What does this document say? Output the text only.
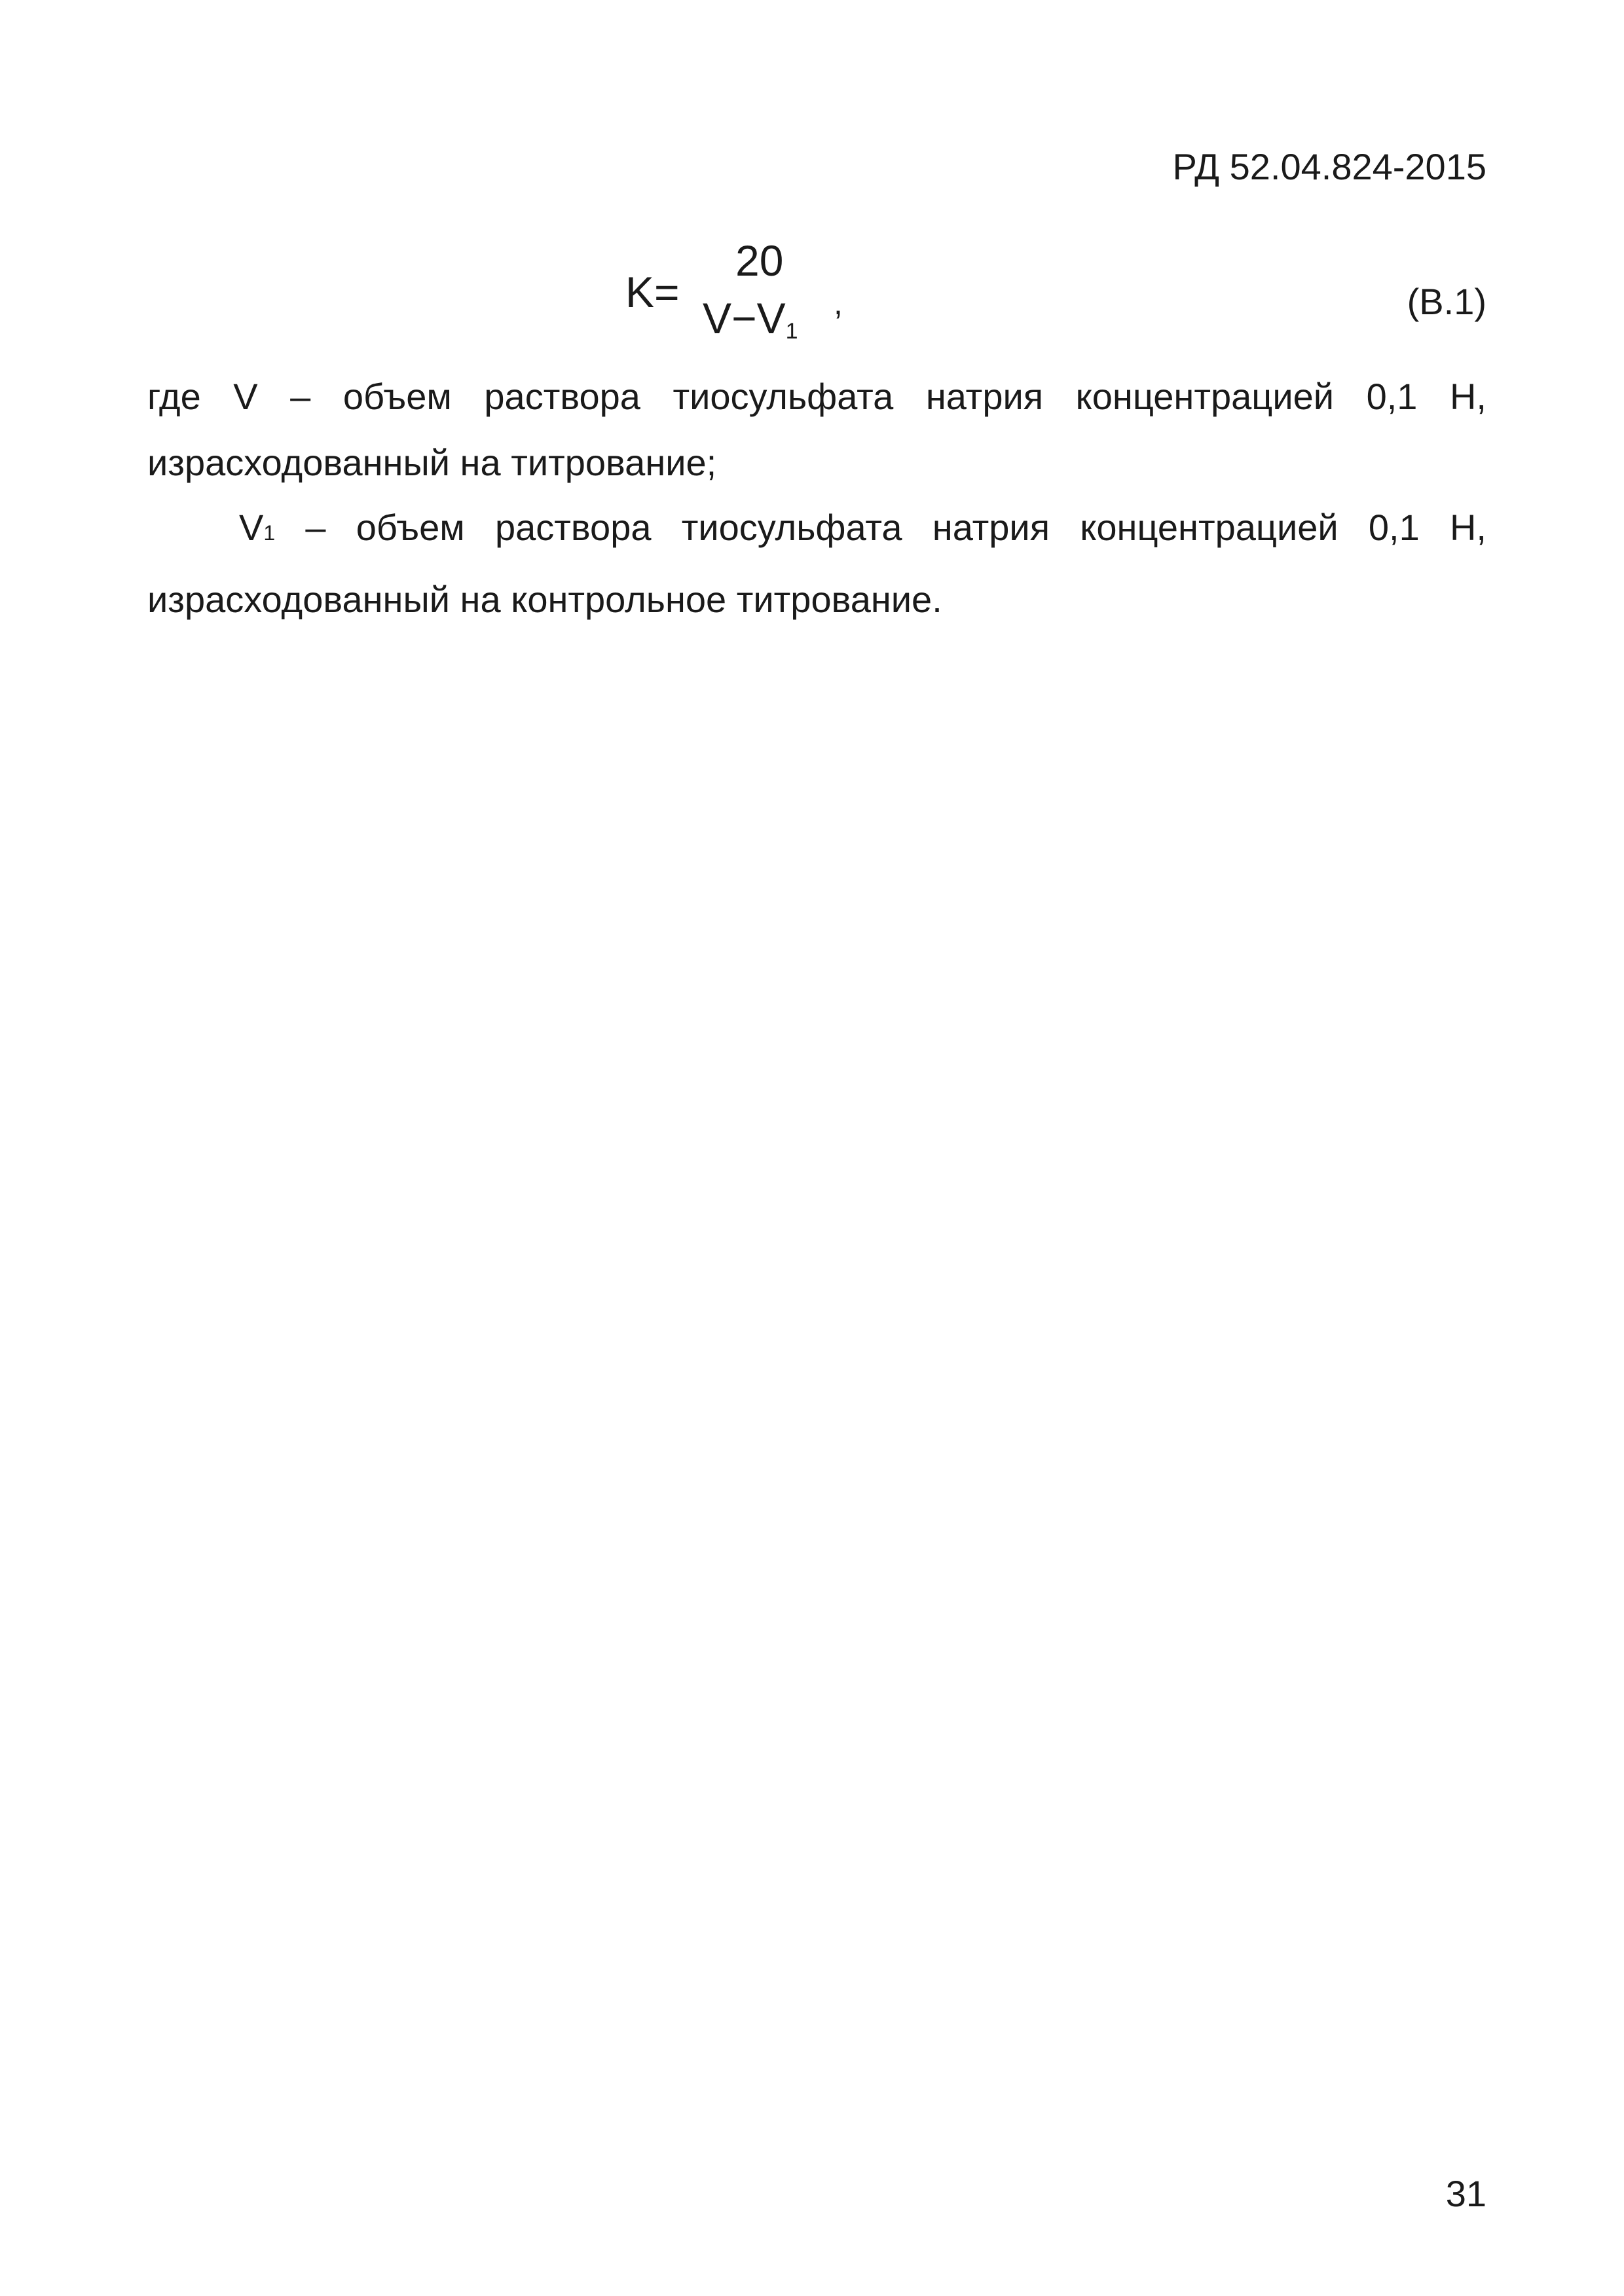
РД 52.04.824-2015
K=
20
$V-V_1$
,	(В.1)
где V – объем раствора тиосульфата натрия концентрацией 0,1 Н,
израсходованный на титрование;
V1 – объем раствора тиосульфата натрия концентрацией 0,1 Н,
израсходованный на контрольное титрование.
31
